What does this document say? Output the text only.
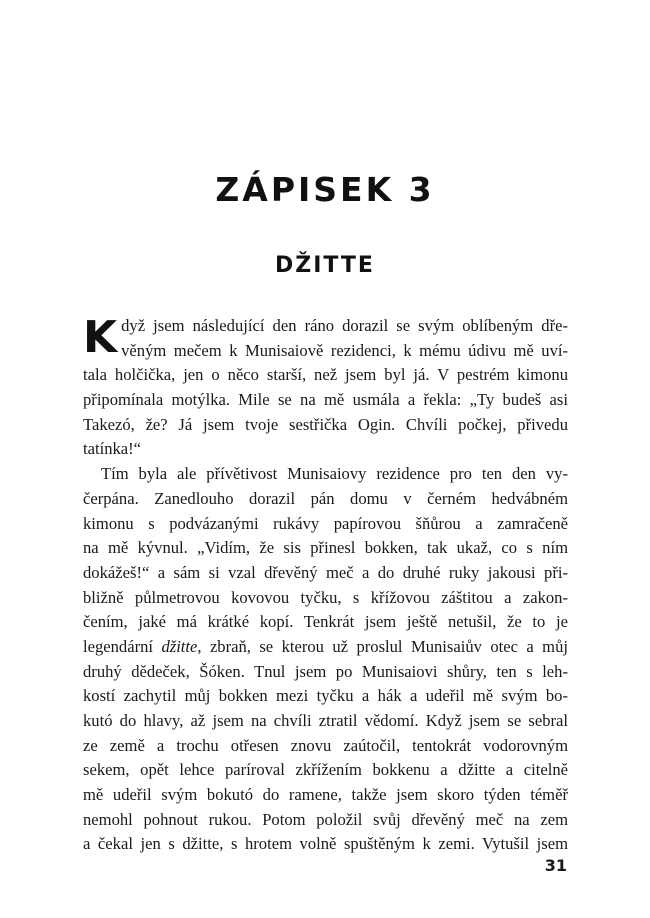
ZÁPISEK 3
DŽITTE
K dyž jsem následující den ráno dorazil se svým oblíbeným dře-
věným mečem k Munisaiově rezidenci, k mému údivu mě uví-
tala holčička, jen o něco starší, než jsem byl já. V pestrém kimonu
připomínala motýlka. Mile se na mě usmála a řekla: „Ty budeš asi
Takezó, že? Já jsem tvoje sestřička Ogin. Chvíli počkej, přivedu
tatínka!“
Tím byla ale přívětivost Munisaiovy rezidence pro ten den vy-
čerpána. Zanedlouho dorazil pán domu v černém hedvábném
kimonu s podvázanými rukávy papírovou šňůrou a zamračeně
na mě kývnul. „Vidím, že sis přinesl bokken, tak ukaž, co s ním
dokážeš!“ a sám si vzal dřevěný meč a do druhé ruky jakousi při-
bližně půlmetrovou kovovou tyčku, s křížovou záštitou a zakon-
čením, jaké má krátké kopí. Tenkrát jsem ještě netušil, že to je
legendární džitte, zbraň, se kterou už proslul Munisaiův otec a můj
druhý dědeček, Šóken. Tnul jsem po Munisaiovi shůry, ten s leh-
kostí zachytil můj bokken mezi tyčku a hák a udeřil mě svým bo-
kutó do hlavy, až jsem na chvíli ztratil vědomí. Když jsem se sebral
ze země a trochu otřesen znovu zaútočil, tentokrát vodorovným
sekem, opět lehce paríroval zkřížením bokkenu a džitte a citelně
mě udeřil svým bokutó do ramene, takže jsem skoro týden téměř
nemohl pohnout rukou. Potom položil svůj dřevěný meč na zem
a čekal jen s džitte, s hrotem volně spuštěným k zemi. Vytušil jsem
31
